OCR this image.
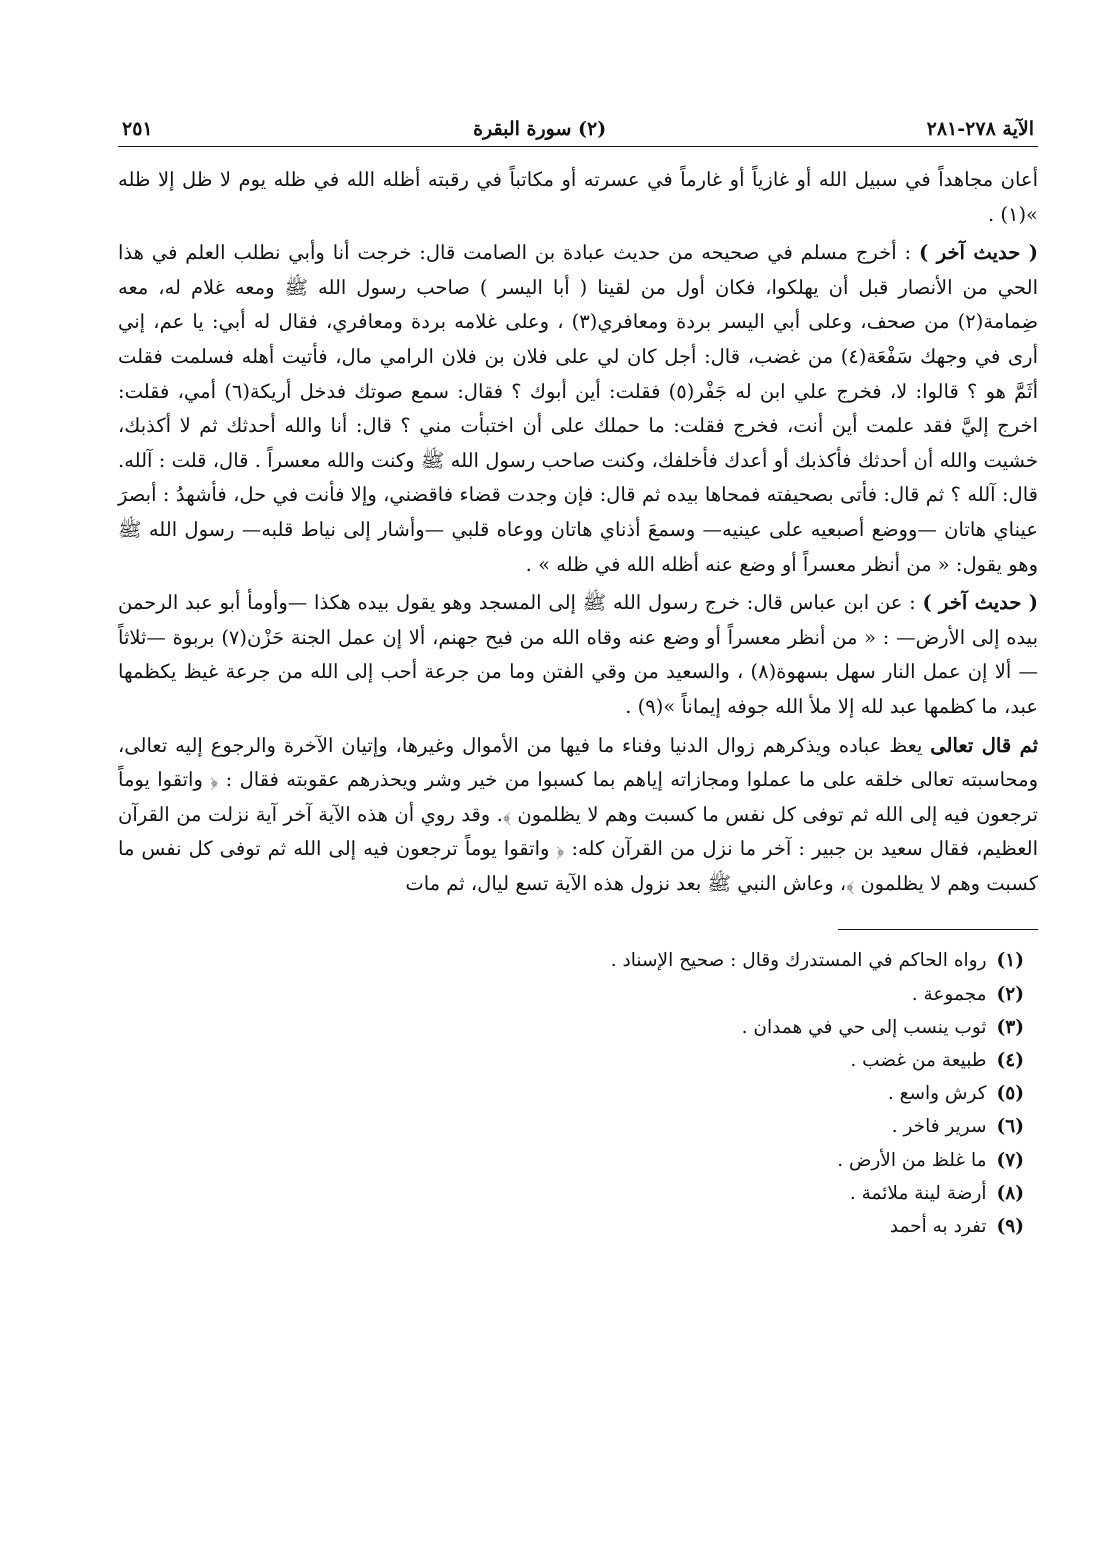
الآية ٢٧٨-٢٨١
(٢) سورة البقرة
٢٥١

أعان مجاهداً في سبيل الله أو غازياً أو غارماً في عسرته أو مكاتباً في رقبته أظله الله في ظله يوم لا ظل إلا ظله »(١) .

( حديث آخر ) : أخرج مسلم في صحيحه من حديث عبادة بن الصامت قال: خرجت أنا وأبي نطلب العلم في هذا الحي من الأنصار قبل أن يهلكوا، فكان أول من لقينا ( أبا اليسر ) صاحب رسول الله ﷺ ومعه غلام له، معه ضِمامة(٢) من صحف، وعلى أبي اليسر بردة ومعافري(٣) ، وعلى غلامه بردة ومعافري، فقال له أبي: يا عم، إني أرى في وجهك سَفْعَة(٤) من غضب، قال: أجل كان لي على فلان بن فلان الرامي مال، فأتيت أهله فسلمت فقلت أثَمَّ هو ؟ قالوا: لا، فخرج علي ابن له جَفْر(٥) فقلت: أين أبوك ؟ فقال: سمع صوتك فدخل أريكة(٦) أمي، فقلت: اخرج إليَّ فقد علمت أين أنت، فخرج فقلت: ما حملك على أن اختبأت مني ؟ قال: أنا والله أحدثك ثم لا أكذبك، خشيت والله أن أحدثك فأكذبك أو أعدك فأخلفك، وكنت صاحب رسول الله ﷺ وكنت والله معسراً . قال، قلت : آلله. قال: آلله ؟ ثم قال: فأتى بصحيفته فمحاها بيده ثم قال: فإن وجدت قضاء فاقضني، وإلا فأنت في حل، فأشهدُ : أبصرَ عيناي هاتان —ووضع أصبعيه على عينيه— وسمعَ أذناي هاتان ووعاه قلبي —وأشار إلى نياط قلبه— رسول الله ﷺ وهو يقول: « من أنظر معسراً أو وضع عنه أظله الله في ظله » .

( حديث آخر ) : عن ابن عباس قال: خرج رسول الله ﷺ إلى المسجد وهو يقول بيده هكذا —وأومأ أبو عبد الرحمن بيده إلى الأرض— : « من أنظر معسراً أو وضع عنه وقاه الله من فيح جهنم، ألا إن عمل الجنة حَزْن(٧) بربوة —ثلاثاً— ألا إن عمل النار سهل بسهوة(٨) ، والسعيد من وقي الفتن وما من جرعة أحب إلى الله من جرعة غيظ يكظمها عبد، ما كظمها عبد لله إلا ملأ الله جوفه إيماناً »(٩) .

ثم قال تعالى يعظ عباده ويذكرهم زوال الدنيا وفناء ما فيها من الأموال وغيرها، وإتيان الآخرة والرجوع إليه تعالى، ومحاسبته تعالى خلقه على ما عملوا ومجازاته إياهم بما كسبوا من خير وشر ويحذرهم عقوبته فقال : ﴿ واتقوا يوماً ترجعون فيه إلى الله ثم توفى كل نفس ما كسبت وهم لا يظلمون ﴾. وقد روي أن هذه الآية آخر آية نزلت من القرآن العظيم، فقال سعيد بن جبير : آخر ما نزل من القرآن كله: ﴿ واتقوا يوماً ترجعون فيه إلى الله ثم توفى كل نفس ما كسبت وهم لا يظلمون ﴾، وعاش النبي ﷺ بعد نزول هذه الآية تسع ليال، ثم مات

(١)رواه الحاكم في المستدرك وقال : صحيح الإسناد .
(٢)مجموعة .
(٣)ثوب ينسب إلى حي في همدان .
(٤)طبيعة من غضب .
(٥)كرش واسع .
(٦)سرير فاخر .
(٧)ما غلظ من الأرض .
(٨)أرضة لينة ملائمة .
(٩)تفرد به أحمد
